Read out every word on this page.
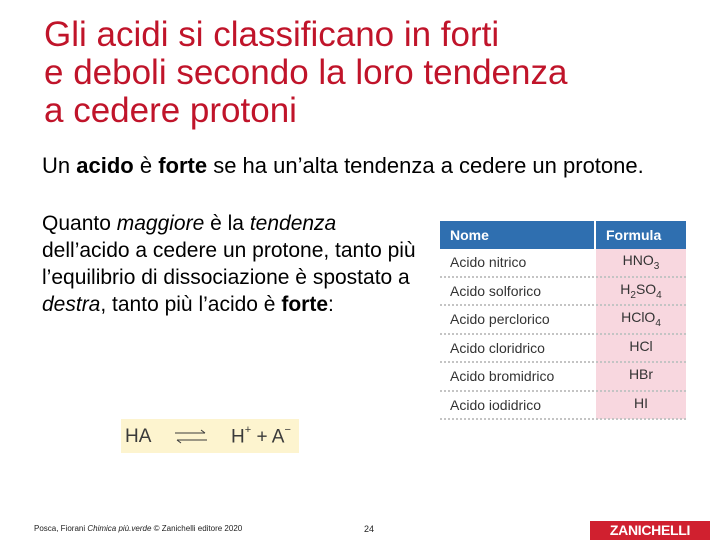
Gli acidi si classificano in forti
e deboli secondo la loro tendenza
a cedere protoni

Un acido è forte se ha un’alta tendenza a cedere un protone.

Quanto maggiore è la tendenza dell’acido a cedere un protone, tanto più l’equilibrio di dissociazione è spostato a destra, tanto più l’acido è forte:

HA ⇌ H+ + A−
Nome	Formula
Acido nitrico	$HNO_3$
Acido solforico	$H_2SO_4$
Acido perclorico	HClO$_4$
Acido cloridrico	HCl
Acido bromidrico	HBr
Acido iodidrico	HI
Posca, Fiorani Chimica più.verde © Zanichelli editore 2020	24	ZANICHELLI
